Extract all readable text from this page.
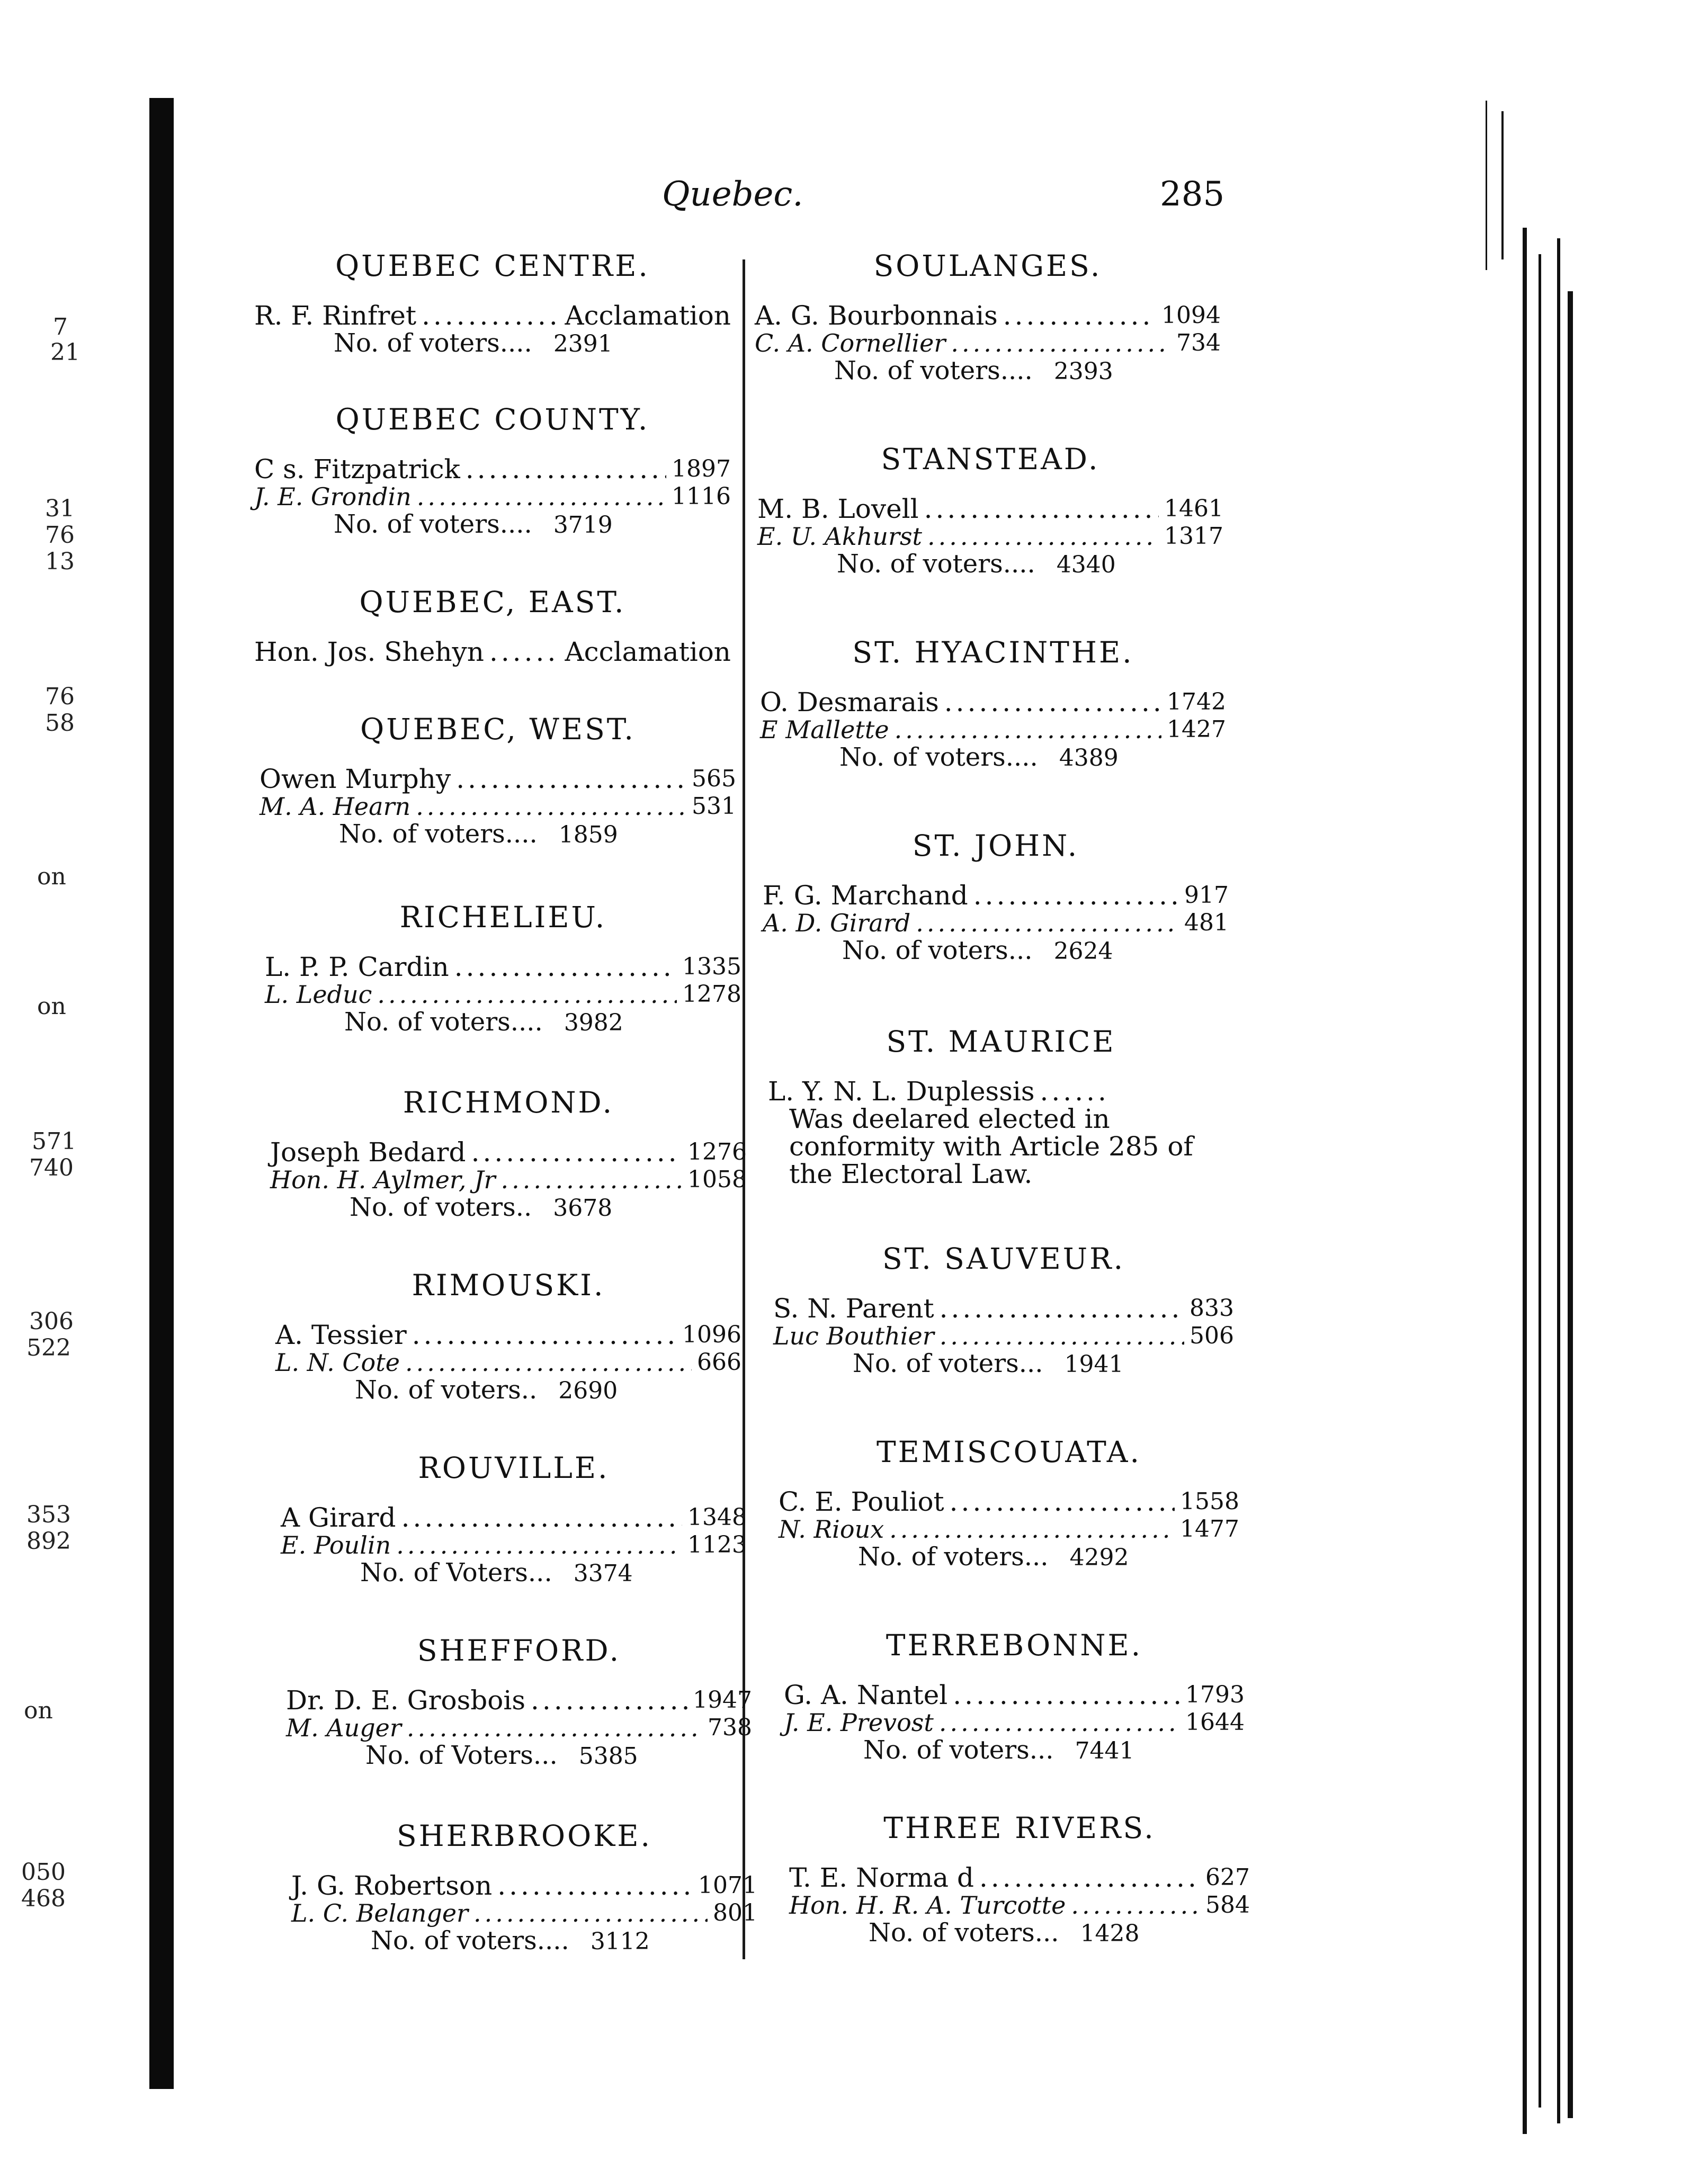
7
21
31
76
13
76
58
on
on
571
740
306
522
353
892
on
050
468
Quebec.	285
QUEBEC CENTRE.
R. F. Rinfret .....	Acclamation
No. of voters.... 2391
QUEBEC COUNTY.
C s. Fitzpatrick .....	1897
J. E. Grondin .....	1116
No. of voters.... 3719
QUEBEC, EAST.
Hon. Jos. Shehyn .....	Acclamation
QUEBEC, WEST.
Owen Murphy .....	565
M. A. Hearn .....	531
No. of voters.... 1859
RICHELIEU.
L. P. P. Cardin .....	1335
L. Leduc .....	1278
No. of voters.... 3982
RICHMOND.
Joseph Bedard .....	1276
Hon. H. Aylmer, Jr .....	1058
No. of voters.. 3678
RIMOUSKI.
A. Tessier .....	1096
L. N. Cote .....	666
No. of voters.. 2690
ROUVILLE.
A Girard .....	1348
E. Poulin .....	1123
No. of Voters... 3374
SHEFFORD.
Dr. D. E. Grosbois .....	1947
M. Auger .....	738
No. of Voters... 5385
SHERBROOKE.
J. G. Robertson .....	1071
L. C. Belanger .....	801
No. of voters.... 3112
SOULANGES.
A. G. Bourbonnais .....	1094
C. A. Cornellier .....	734
No. of voters.... 2393
STANSTEAD.
M. B. Lovell .....	1461
E. U. Akhurst .....	1317
No. of voters.... 4340
ST. HYACINTHE.
O. Desmarais .....	1742
E Mallette .....	1427
No. of voters.... 4389
ST. JOHN.
F. G. Marchand .....	917
A. D. Girard .....	481
No. of voters... 2624
ST. MAURICE
L. Y. N. L. Duplessis ......
Was deelared elected in conformity with Article 285 of the Electoral Law.
ST. SAUVEUR.
S. N. Parent .....	833
Luc Bouthier .....	506
No. of voters... 1941
TEMISCOUATA.
C. E. Pouliot .....	1558
N. Rioux .....	1477
No. of voters... 4292
TERREBONNE.
G. A. Nantel .....	1793
J. E. Prevost .....	1644
No. of voters... 7441
THREE RIVERS.
T. E. Norma d .....	627
Hon. H. R. A. Turcotte .....	584
No. of voters... 1428
